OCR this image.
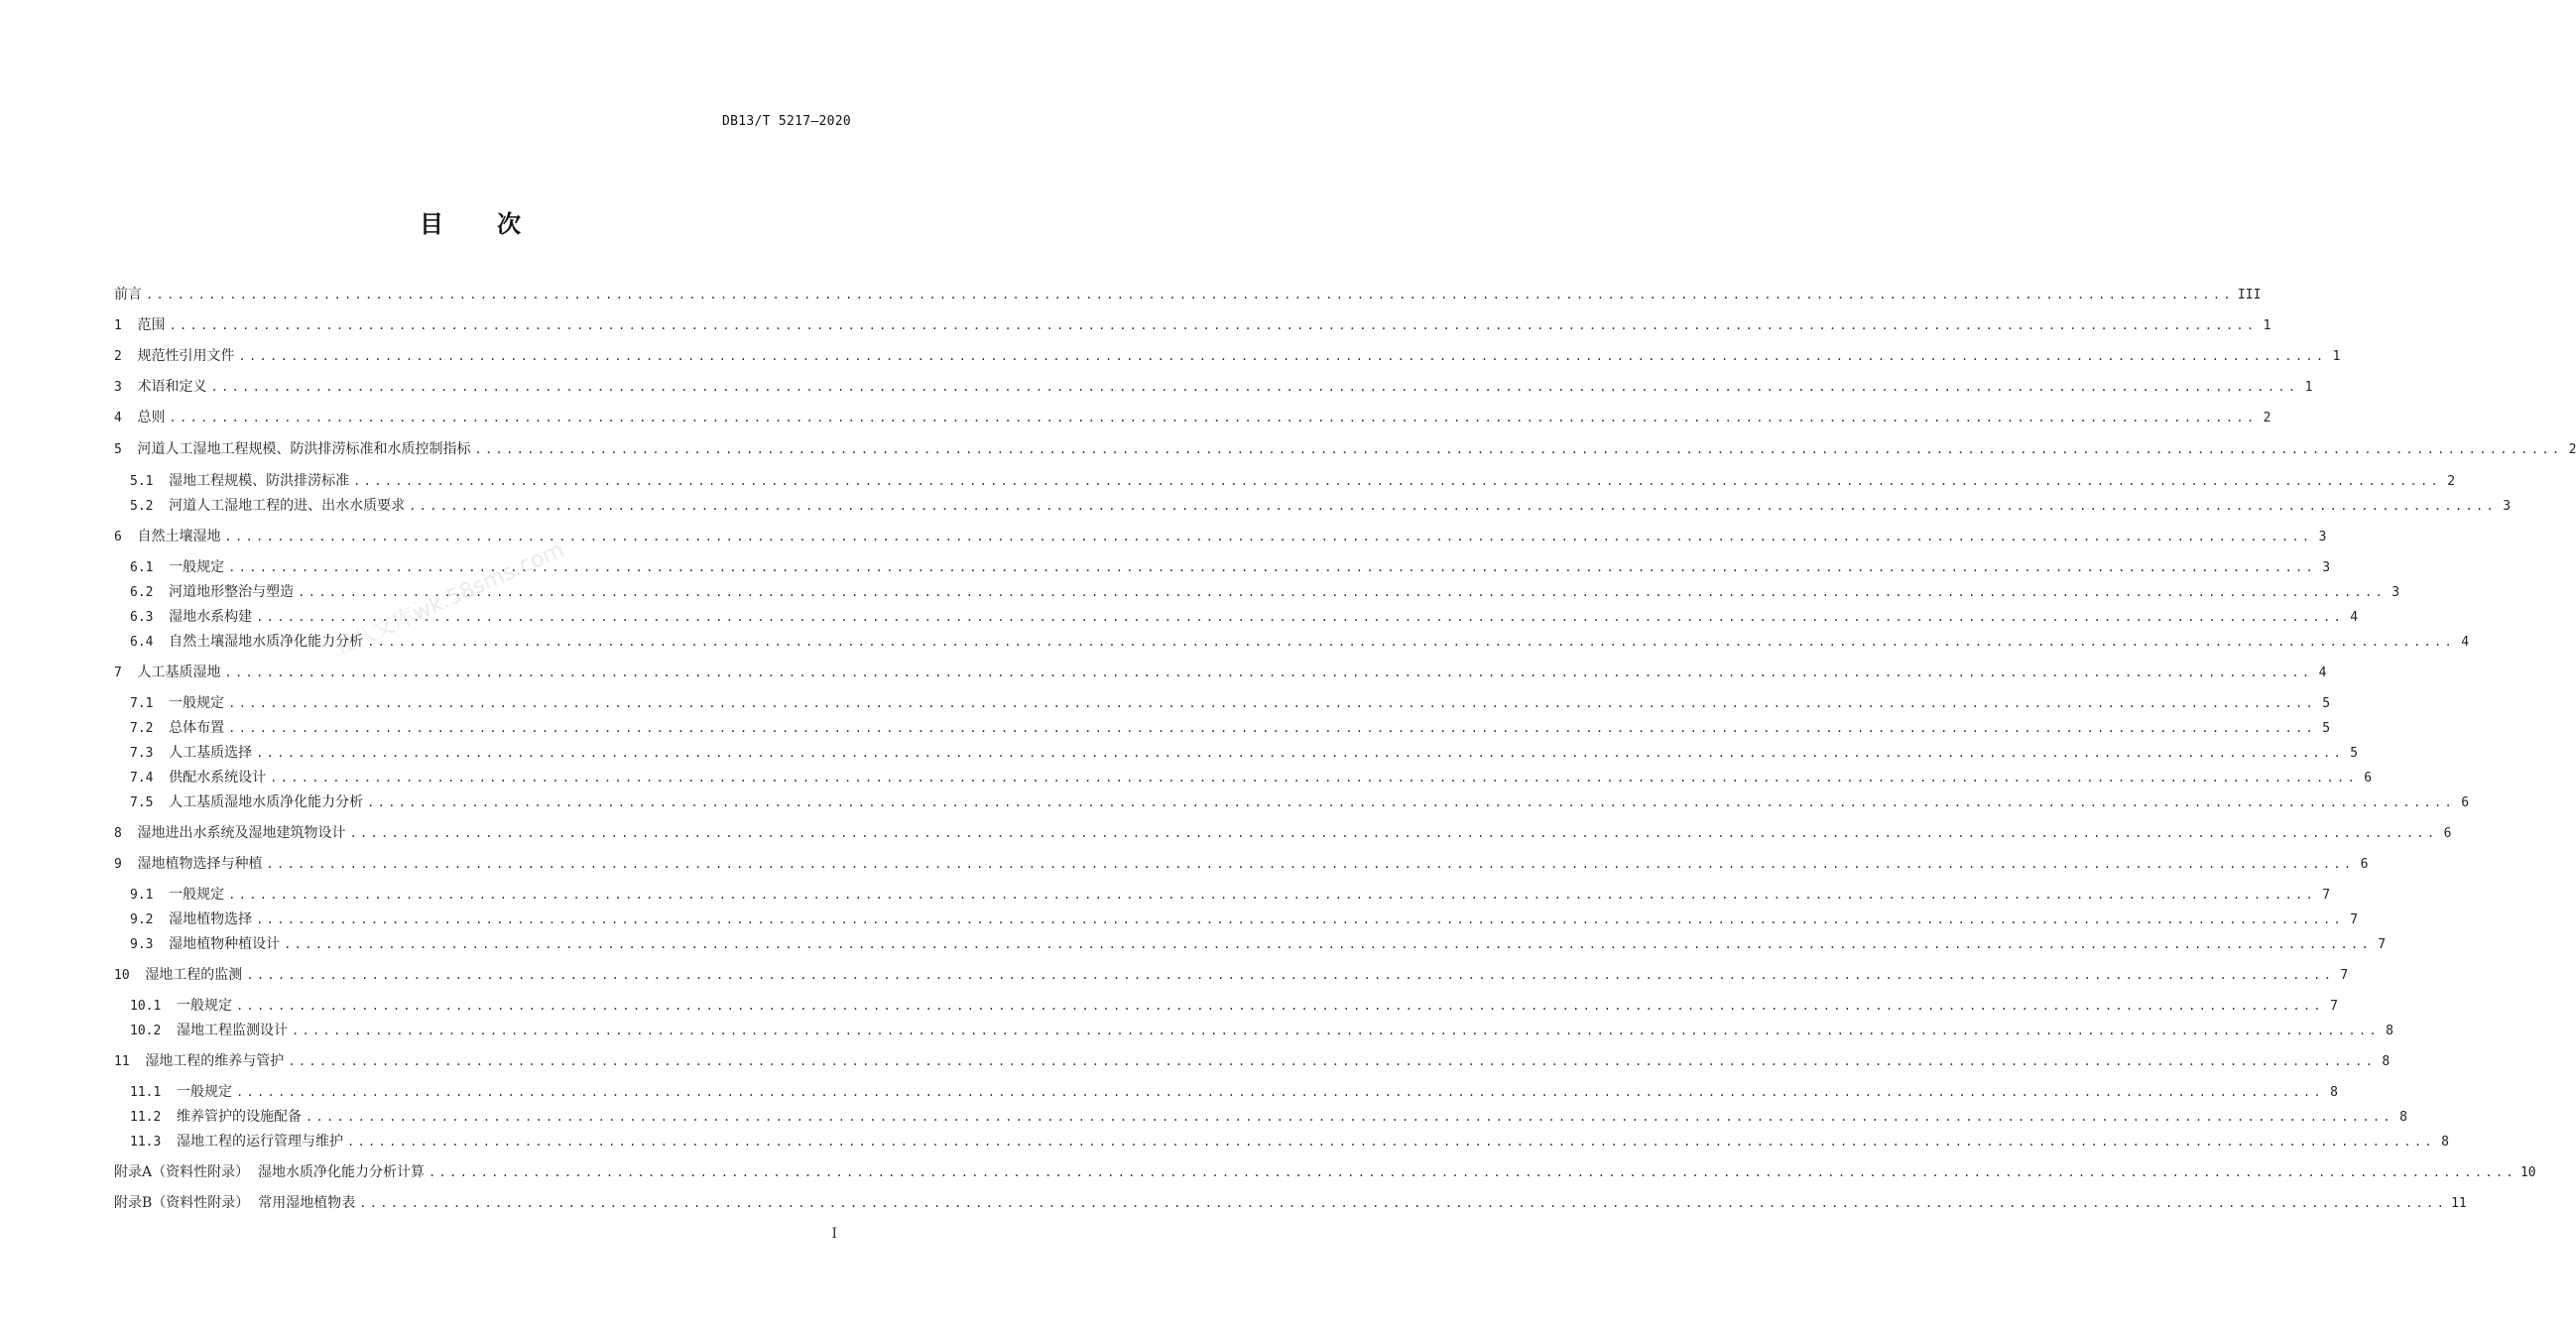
DB13/T 5217—2020
目 次
前言 ........................................................................................................................................................................................................ III
1 范围 ........................................................................................................................................................................................................ 1
2 规范性引用文件 ........................................................................................................................................................................................................ 1
3 术语和定义 ........................................................................................................................................................................................................ 1
4 总则 ........................................................................................................................................................................................................ 2
5 河道人工湿地工程规模、防洪排涝标准和水质控制指标 ........................................................................................................................................................................................................ 2
5.1 湿地工程规模、防洪排涝标准 ........................................................................................................................................................................................................ 2
5.2 河道人工湿地工程的进、出水水质要求 ........................................................................................................................................................................................................ 3
6 自然土壤湿地 ........................................................................................................................................................................................................ 3
6.1 一般规定 ........................................................................................................................................................................................................ 3
6.2 河道地形整治与塑造 ........................................................................................................................................................................................................ 3
6.3 湿地水系构建 ........................................................................................................................................................................................................ 4
6.4 自然土壤湿地水质净化能力分析 ........................................................................................................................................................................................................ 4
7 人工基质湿地 ........................................................................................................................................................................................................ 4
7.1 一般规定 ........................................................................................................................................................................................................ 5
7.2 总体布置 ........................................................................................................................................................................................................ 5
7.3 人工基质选择 ........................................................................................................................................................................................................ 5
7.4 供配水系统设计 ........................................................................................................................................................................................................ 6
7.5 人工基质湿地水质净化能力分析 ........................................................................................................................................................................................................ 6
8 湿地进出水系统及湿地建筑物设计 ........................................................................................................................................................................................................ 6
9 湿地植物选择与种植 ........................................................................................................................................................................................................ 6
9.1 一般规定 ........................................................................................................................................................................................................ 7
9.2 湿地植物选择 ........................................................................................................................................................................................................ 7
9.3 湿地植物种植设计 ........................................................................................................................................................................................................ 7
10 湿地工程的监测 ........................................................................................................................................................................................................ 7
10.1 一般规定 ........................................................................................................................................................................................................ 7
10.2 湿地工程监测设计 ........................................................................................................................................................................................................ 8
11 湿地工程的维养与管护 ........................................................................................................................................................................................................ 8
11.1 一般规定 ........................................................................................................................................................................................................ 8
11.2 维养管护的设施配备 ........................................................................................................................................................................................................ 8
11.3 湿地工程的运行管理与维护 ........................................................................................................................................................................................................ 8
附录A（资料性附录）  湿地水质净化能力分析计算 ........................................................................................................................................................................................................ 10
附录B（资料性附录）  常用湿地植物表 ........................................................................................................................................................................................................ 11
五八文库wk.58sms.com
I
